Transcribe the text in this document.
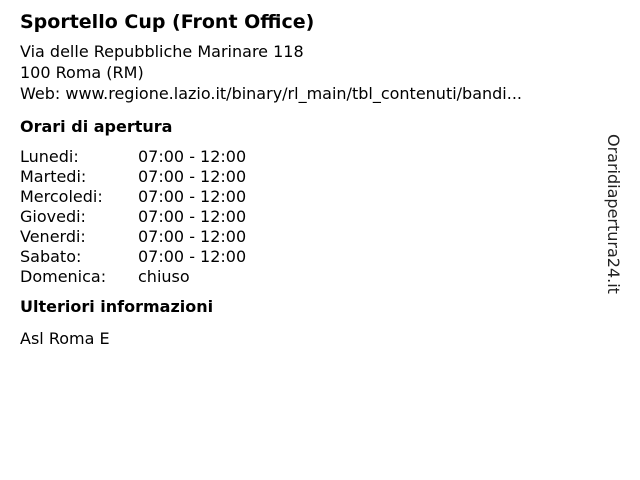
Sportello Cup (Front Office)
Via delle Repubbliche Marinare 118
100 Roma (RM)
Web: www.regione.lazio.it/binary/rl_main/tbl_contenuti/bandi...
Orari di apertura
Lunedi:	07:00 - 12:00
Martedi:	07:00 - 12:00
Mercoledi:	07:00 - 12:00
Giovedi:	07:00 - 12:00
Venerdi:	07:00 - 12:00
Sabato:	07:00 - 12:00
Domenica:	chiuso
Ulteriori informazioni
Asl Roma E
Oraridiapertura24.it
